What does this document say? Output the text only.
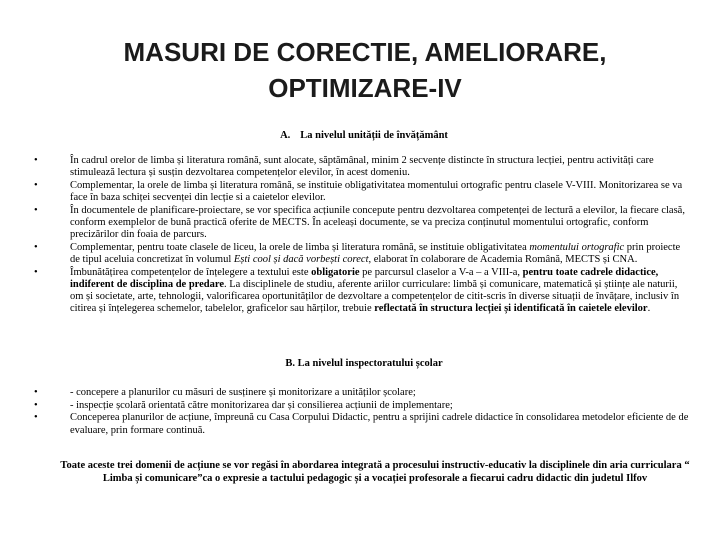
MASURI DE CORECTIE, AMELIORARE, OPTIMIZARE-IV
A. La nivelul unității de învățământ
•	În cadrul orelor de limba și literatura română, sunt alocate, săptămânal, minim 2 secvențe distincte în structura lecției, pentru activități care stimulează lectura și susțin dezvoltarea competențelor elevilor, în acest domeniu.
•	Complementar, la orele de limba și literatura română, se instituie obligativitatea momentului ortografic pentru clasele V-VIII. Monitorizarea se va face în baza schiței secvenței din lecție si a caietelor elevilor.
•	În documentele de planificare-proiectare, se vor specifica acțiunile concepute pentru dezvoltarea competenței de lectură a elevilor, la fiecare clasă, conform exemplelor de bună practică oferite de MECTS. În aceleași documente, se va preciza conținutul momentului ortografic, conform precizărilor din foaia de parcurs.
•	Complementar, pentru toate clasele de liceu, la orele de limba și literatura română, se instituie obligativitatea momentului ortografic prin proiecte de tipul aceluia concretizat în volumul Ești cool și dacă vorbești corect, elaborat în colaborare de Academia Română, MECTS și CNA.
•	Îmbunătățirea competențelor de înțelegere a textului este obligatorie pe parcursul claselor a V-a – a VIII-a, pentru toate cadrele didactice, indiferent de disciplina de predare. La disciplinele de studiu, aferente ariilor curriculare: limbă și comunicare, matematică și științe ale naturii, om și societate, arte, tehnologii, valorificarea oportunităților de dezvoltare a competențelor de citit-scris în diverse situații de învățare, inclusiv în citirea și înțelegerea schemelor, tabelelor, graficelor sau hărților, trebuie reflectată în structura lecției și identificată în caietele elevilor.
B. La nivelul inspectoratului școlar
•	- concepere a planurilor cu măsuri de susținere și monitorizare a unităților școlare;
•	- inspecție școlară orientată către monitorizarea dar și consilierea acțiunii de implementare;
•	Conceperea planurilor de acțiune, împreună cu Casa Corpului Didactic, pentru a sprijini cadrele didactice în consolidarea metodelor eficiente de de evaluare, prin formare continuă.
Toate aceste trei domenii de acțiune se vor regăsi în abordarea integrată a procesului instructiv-educativ la disciplinele din aria curriculara “ Limba și comunicare”ca o expresie a tactului pedagogic și a vocației profesorale a fiecarui cadru didactic din judetul Ilfov
